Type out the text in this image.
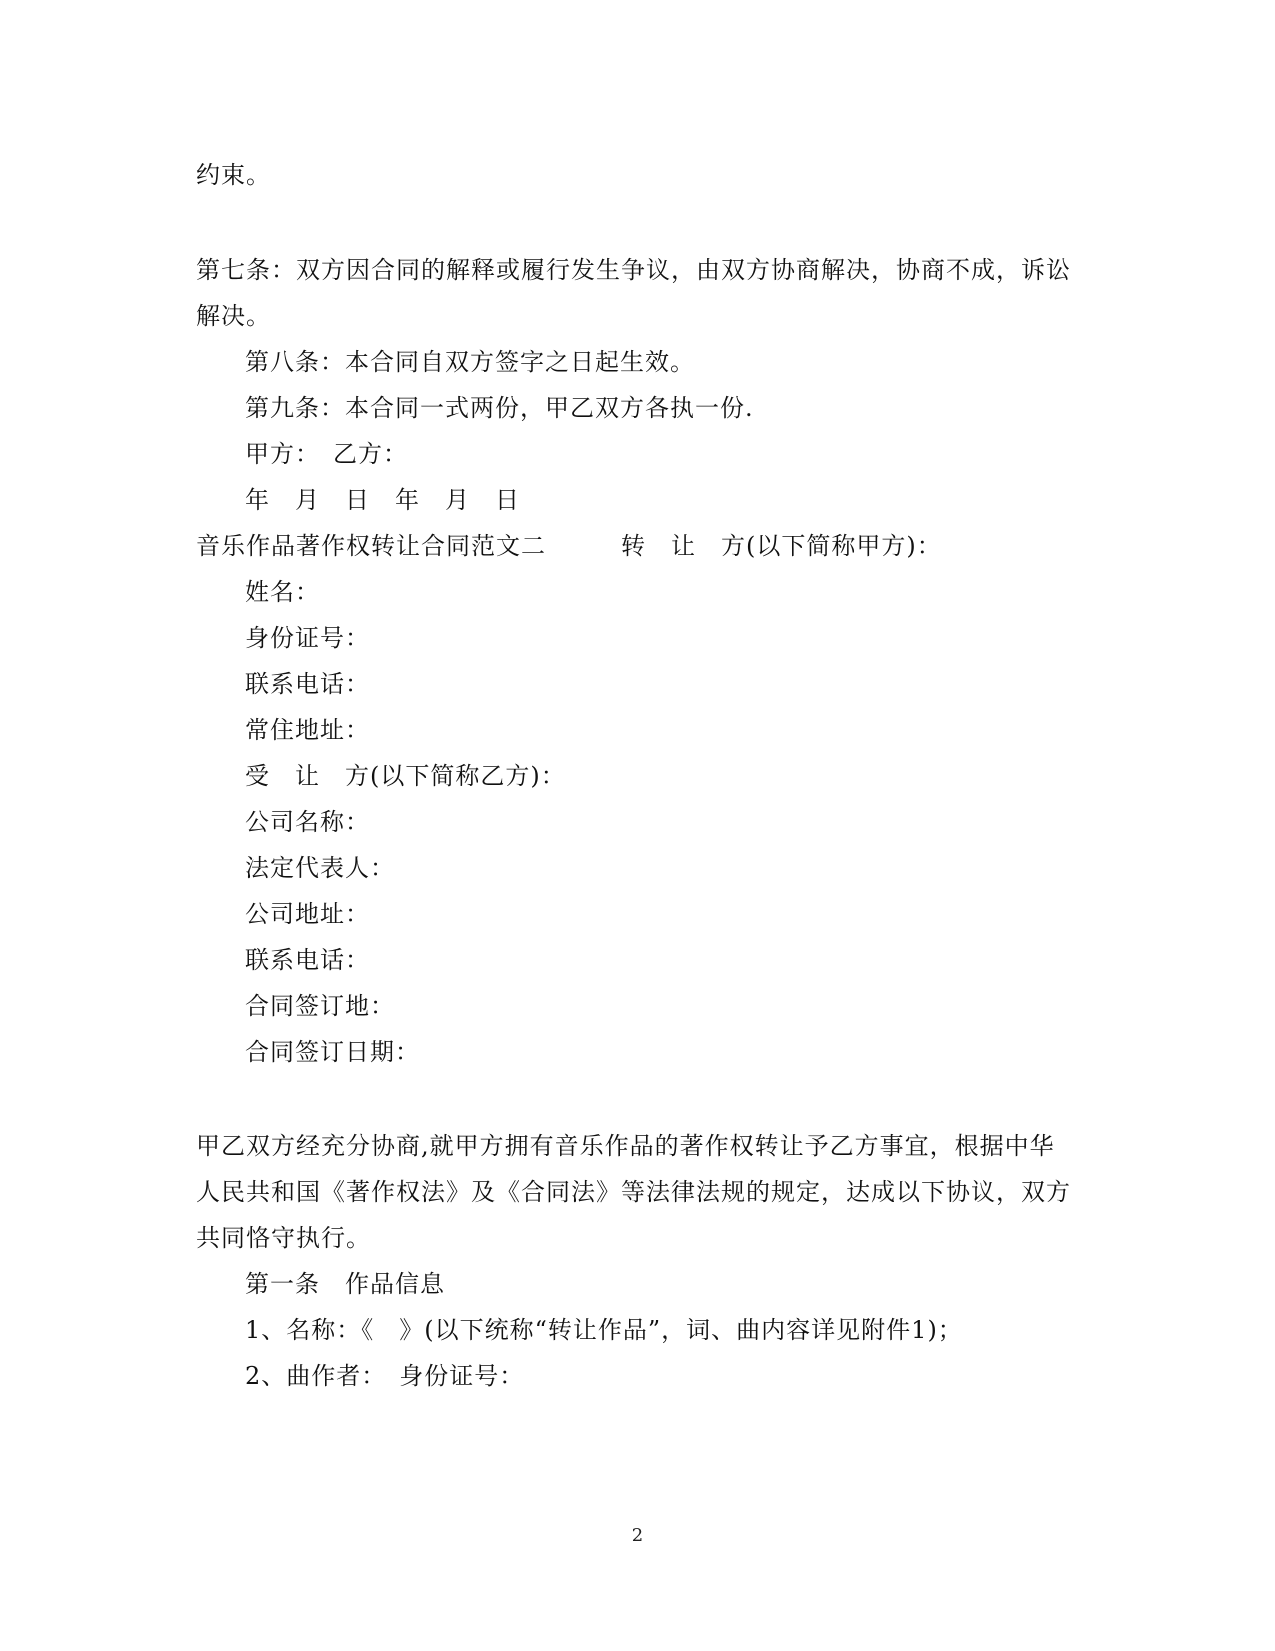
约束。
第七条：双方因合同的解释或履行发生争议，由双方协商解决，协商不成，诉讼
解决。
第八条：本合同自双方签字之日起生效。
第九条：本合同一式两份，甲乙双方各执一份.
甲方：　乙方：
年　月　日　年　月　日
音乐作品著作权转让合同范文二　　　转　让　方(以下简称甲方)：
姓名：
身份证号：
联系电话：
常住地址：
受　让　方(以下简称乙方)：
公司名称：
法定代表人：
公司地址：
联系电话：
合同签订地：
合同签订日期：
甲乙双方经充分协商,就甲方拥有音乐作品的著作权转让予乙方事宜，根据中华
人民共和国《著作权法》及《合同法》等法律法规的规定，达成以下协议，双方
共同恪守执行。
第一条　作品信息
1、名称：《　》(以下统称“转让作品”，词、曲内容详见附件1)；
2、曲作者：　身份证号：
2
